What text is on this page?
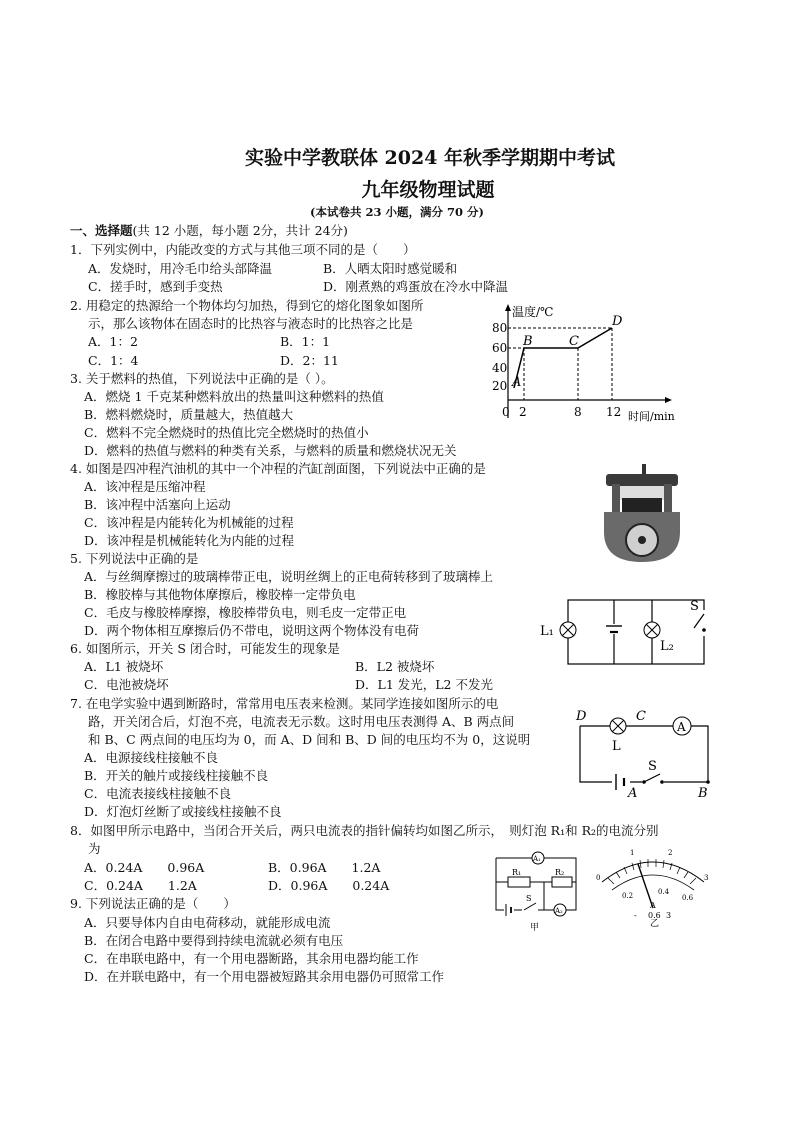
实验中学教联体 2024 年秋季学期期中考试
九年级物理试题
(本试卷共 23 小题，满分 70 分)
一、选择题(共 12 小题，每小题 2分，共计 24分)
1．下列实例中，内能改变的方式与其他三项不同的是（　　）
A．发烧时，用冷毛巾给头部降温	B．人晒太阳时感觉暖和
C．搓手时，感到手变热	D．刚煮熟的鸡蛋放在冷水中降温
2. 用稳定的热源给一个物体均匀加热，得到它的熔化图象如图所
示，那么该物体在固态时的比热容与液态时的比热容之比是
A．1：2	B．1：1
C．1：4	D．2：11
3. 关于燃料的热值，下列说法中正确的是（ ）。
A．燃烧 1 千克某种燃料放出的热量叫这种燃料的热值
B．燃料燃烧时，质量越大，热值越大
C．燃料不完全燃烧时的热值比完全燃烧时的热值小
D．燃料的热值与燃料的种类有关系，与燃料的质量和燃烧状况无关
4. 如图是四冲程汽油机的其中一个冲程的汽缸剖面图，下列说法中正确的是
A．该冲程是压缩冲程
B．该冲程中活塞向上运动
C．该冲程是内能转化为机械能的过程
D．该冲程是机械能转化为内能的过程
5. 下列说法中正确的是
A．与丝绸摩擦过的玻璃棒带正电，说明丝绸上的正电荷转移到了玻璃棒上
B．橡胶棒与其他物体摩擦后，橡胶棒一定带负电
C．毛皮与橡胶棒摩擦，橡胶棒带负电，则毛皮一定带正电
D．两个物体相互摩擦后仍不带电，说明这两个物体没有电荷
6. 如图所示，开关 S 闭合时，可能发生的现象是
A．L1 被烧坏	B．L2 被烧坏
C．电池被烧坏	D．L1 发光，L2 不发光
7. 在电学实验中遇到断路时，常常用电压表来检测。某同学连接如图所示的电
路，开关闭合后，灯泡不亮，电流表无示数。这时用电压表测得 A、B 两点间
和 B、C 两点间的电压均为 0，而 A、D 间和 B、D 间的电压均不为 0，这说明
A．电源接线柱接触不良
B．开关的触片或接线柱接触不良
C．电流表接线柱接触不良
D．灯泡灯丝断了或接线柱接触不良
8．如图甲所示电路中，当闭合开关后，两只电流表的指针偏转均如图乙所示，　则灯泡 R₁和 R₂的电流分别
为
A．0.24A　　0.96A	B．0.96A　　1.2A
C．0.24A　　1.2A	D．0.96A　　0.24A
9. 下列说法正确的是（　　）
A．只要导体内自由电荷移动，就能形成电流
B．在闭合电路中要得到持续电流就必须有电压
C．在串联电路中，有一个用电器断路，其余用电器均能工作
D．在并联电路中，有一个用电器被短路其余用电器仍可照常工作
温度/℃
时间/min
80
60
40
20
0 2	8 12
A
B	C
D
L₁
L₂
S
A
D	C
L
S
A	B
A₁
R₁	R₂
A₂
S
甲
1	2
0	3
0.2	0.4
0.6
A
- 0.6 3
乙
